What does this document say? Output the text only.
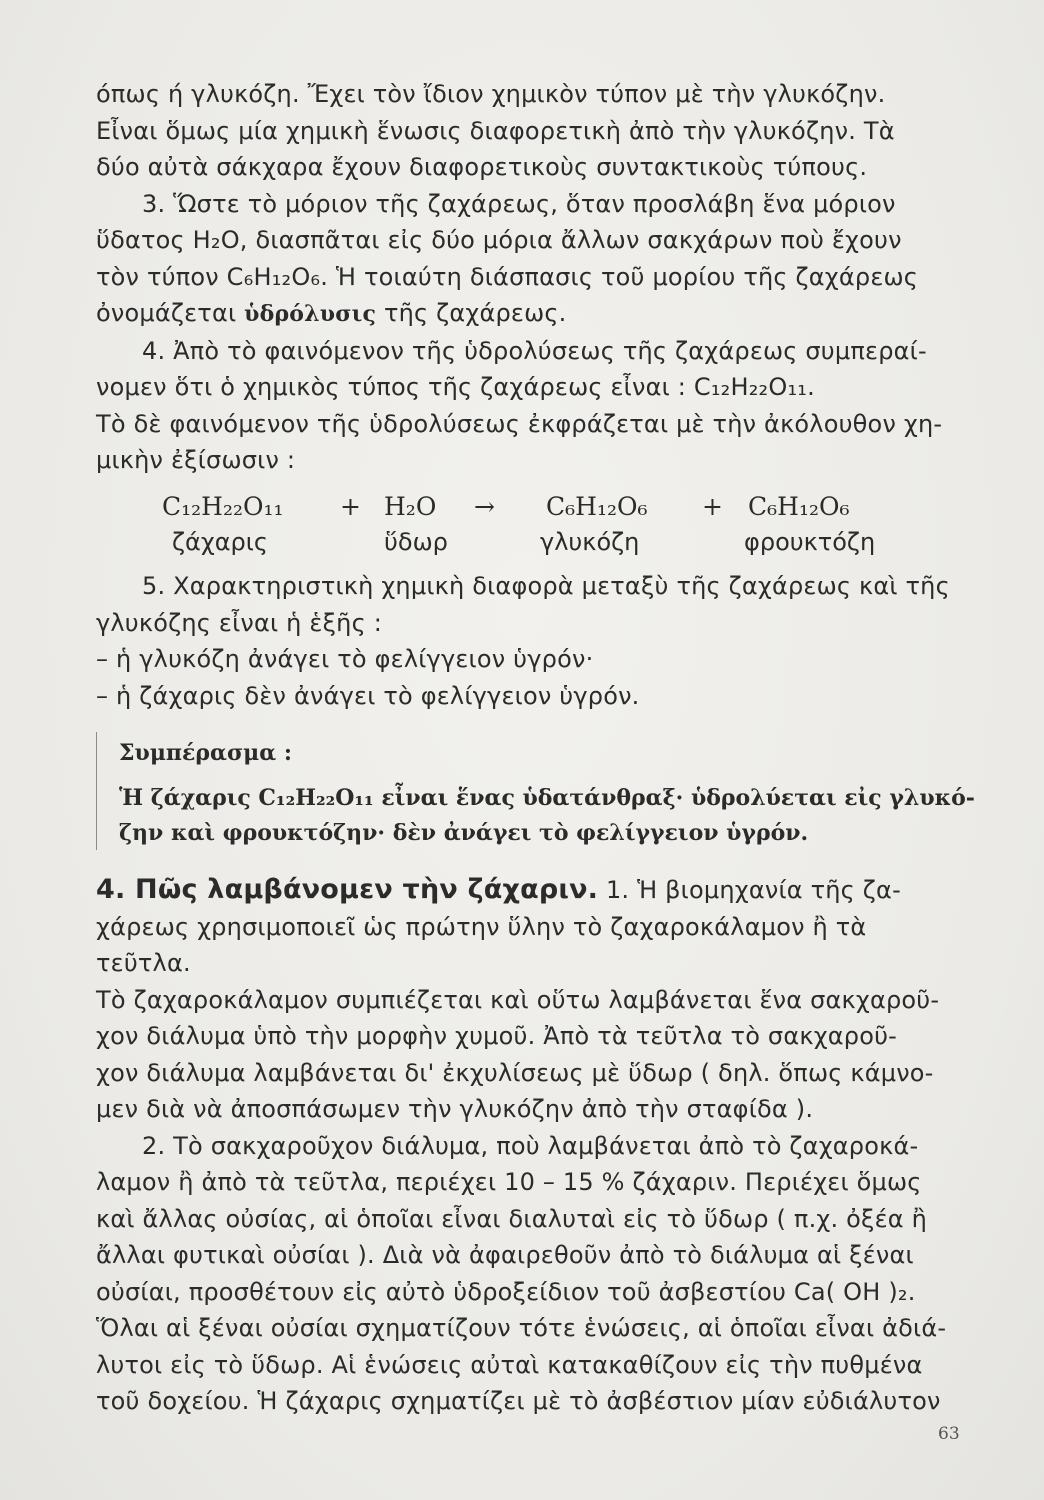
όπως ή γλυκόζη. Ἔχει τὸν ἴδιον χημικὸν τύπον μὲ τὴν γλυκόζην.

Εἶναι ὅμως μία χημικὴ ἕνωσις διαφορετικὴ ἀπὸ τὴν γλυκόζην. Τὰ

δύο αὐτὰ σάκχαρα ἔχουν διαφορετικοὺς συντακτικοὺς τύπους.

3. Ὥστε τὸ μόριον τῆς ζαχάρεως, ὅταν προσλάβη ἕνα μόριον

ὕδατος H₂O, διασπᾶται εἰς δύο μόρια ἄλλων σακχάρων ποὺ ἔχουν

τὸν τύπον C₆H₁₂O₆. Ἡ τοιαύτη διάσπασις τοῦ μορίου τῆς ζαχάρεως

ὀνομάζεται ὑδρόλυσις τῆς ζαχάρεως.

4. Ἀπὸ τὸ φαινόμενον τῆς ὑδρολύσεως τῆς ζαχάρεως συμπεραί-

νομεν ὅτι ὁ χημικὸς τύπος τῆς ζαχάρεως εἶναι : C₁₂H₂₂O₁₁.

Τὸ δὲ φαινόμενον τῆς ὑδρολύσεως ἐκφράζεται μὲ τὴν ἀκόλουθον χη-

μικὴν ἐξίσωσιν :

C₁₂H₂₂O₁₁ + H₂O → C₆H₁₂O₆ + C₆H₁₂O₆
ζάχαρις	ὕδωρ	γλυκόζη	φρουκτόζη

5. Χαρακτηριστικὴ χημικὴ διαφορὰ μεταξὺ τῆς ζαχάρεως καὶ τῆς

γλυκόζης εἶναι ἡ ἑξῆς :

– ἡ γλυκόζη ἀνάγει τὸ φελίγγειον ὑγρόν·

– ἡ ζάχαρις δὲν ἀνάγει τὸ φελίγγειον ὑγρόν.

Συμπέρασμα :
Ἡ ζάχαρις C₁₂H₂₂O₁₁ εἶναι ἕνας ὑδατάνθραξ· ὑδρολύεται εἰς γλυκό-
ζην καὶ φρουκτόζην· δὲν ἀνάγει τὸ φελίγγειον ὑγρόν.

4. Πῶς λαμβάνομεν τὴν ζάχαριν. 1. Ἡ βιομηχανία τῆς ζα-

χάρεως χρησιμοποιεῖ ὡς πρώτην ὕλην τὸ ζαχαροκάλαμον ἢ τὰ τεῦτλα.

Τὸ ζαχαροκάλαμον συμπιέζεται καὶ οὕτω λαμβάνεται ἕνα σακχαροῦ-

χον διάλυμα ὑπὸ τὴν μορφὴν χυμοῦ. Ἀπὸ τὰ τεῦτλα τὸ σακχαροῦ-

χον διάλυμα λαμβάνεται δι' ἐκχυλίσεως μὲ ὕδωρ ( δηλ. ὅπως κάμνο-

μεν διὰ νὰ ἀποσπάσωμεν τὴν γλυκόζην ἀπὸ τὴν σταφίδα ).

2. Τὸ σακχαροῦχον διάλυμα, ποὺ λαμβάνεται ἀπὸ τὸ ζαχαροκά-

λαμον ἢ ἀπὸ τὰ τεῦτλα, περιέχει 10 – 15 % ζάχαριν. Περιέχει ὅμως

καὶ ἄλλας οὐσίας, αἱ ὁποῖαι εἶναι διαλυταὶ εἰς τὸ ὕδωρ ( π.χ. ὀξέα ἢ

ἄλλαι φυτικαὶ οὐσίαι ). Διὰ νὰ ἀφαιρεθοῦν ἀπὸ τὸ διάλυμα αἱ ξέναι

οὐσίαι, προσθέτουν εἰς αὐτὸ ὑδροξείδιον τοῦ ἀσβεστίου Ca( OH )₂.

Ὅλαι αἱ ξέναι οὐσίαι σχηματίζουν τότε ἑνώσεις, αἱ ὁποῖαι εἶναι ἀδιά-

λυτοι εἰς τὸ ὕδωρ. Αἱ ἑνώσεις αὐταὶ κατακαθίζουν εἰς τὴν πυθμένα

τοῦ δοχείου. Ἡ ζάχαρις σχηματίζει μὲ τὸ ἀσβέστιον μίαν εὐδιάλυτον

63
